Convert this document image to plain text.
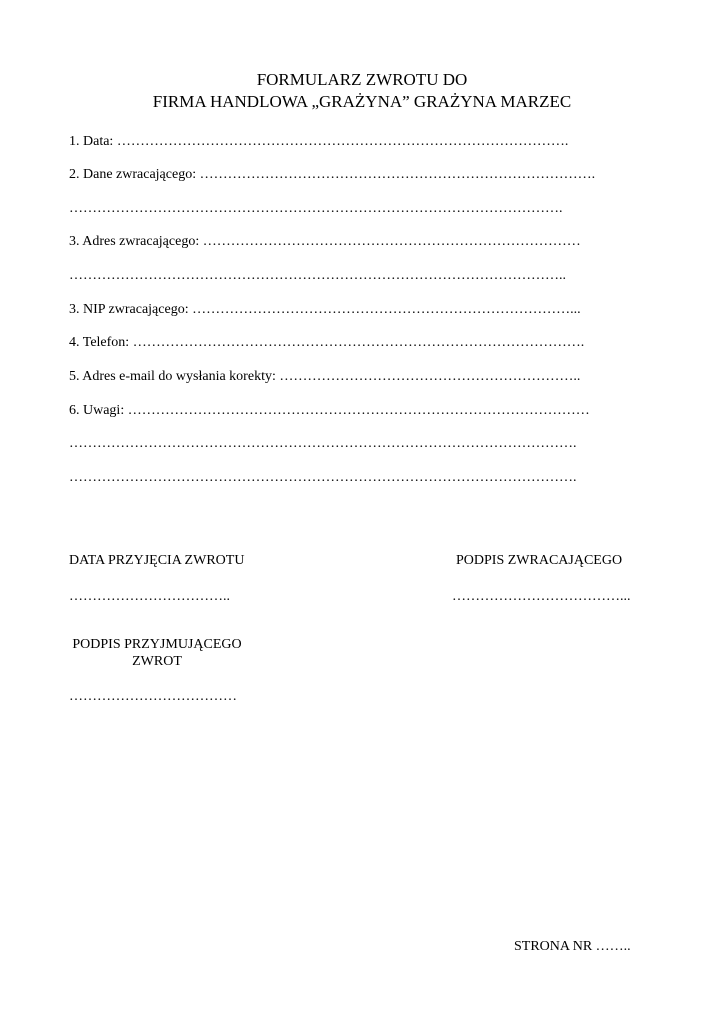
FORMULARZ ZWROTU DO
FIRMA HANDLOWA „GRAŻYNA” GRAŻYNA MARZEC
1. Data: …………………………………………………………………………………….
2. Dane zwracającego: ………………………………………………………………………….
…………………………………………………………………………………………….
3. Adres zwracającego: ………………………………………………………………………
……………………………………………………………………………………………..
3. NIP zwracającego: ………………………………………………………………………...
4. Telefon: …………………………………………………………………………………….
5. Adres e-mail do wysłania korekty: ………………………………………………………..
6. Uwagi: ………………………………………………………………………………………
……………………………………………………………………………………………….
……………………………………………………………………………………………….
DATA PRZYJĘCIA ZWROTU	PODPIS ZWRACAJĄCEGO
……………………………..	………………………………...
PODPIS PRZYJMUJĄCEGO
ZWROT
………………………………
STRONA NR ……..
